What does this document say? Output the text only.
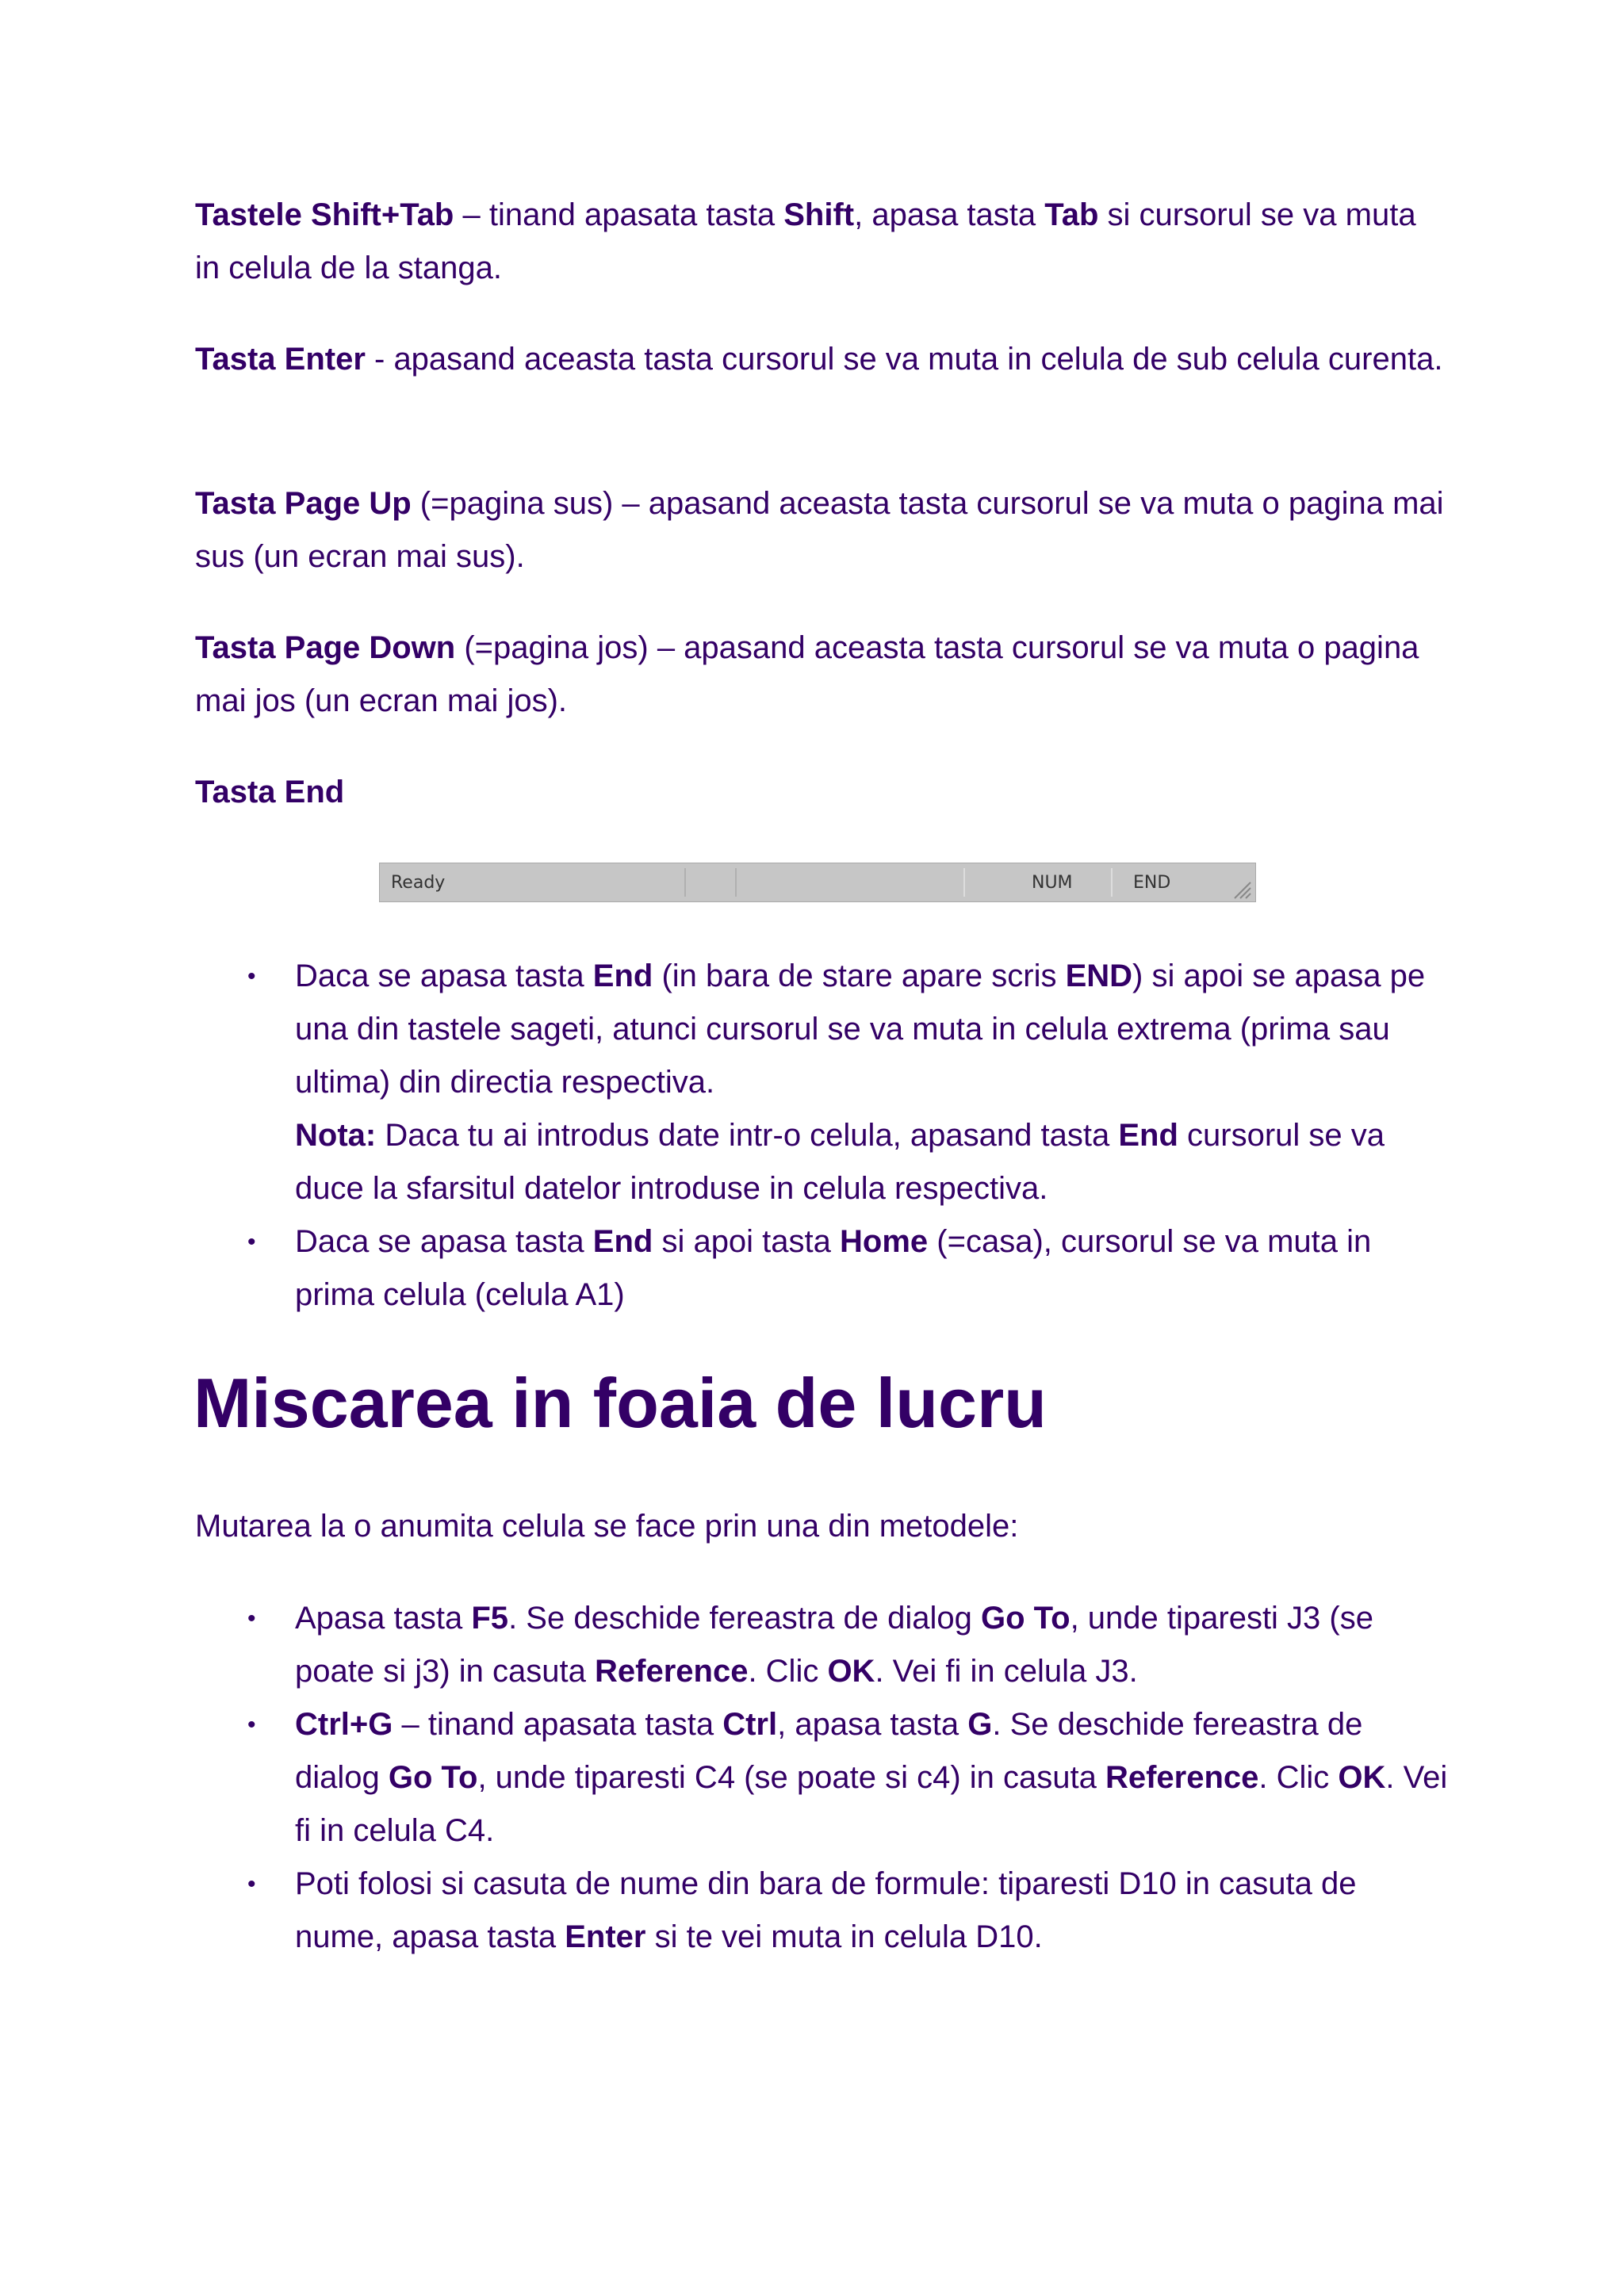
Tastele Shift+Tab – tinand apasata tasta Shift, apasa tasta Tab si cursorul se va muta in celula de la stanga.

Tasta Enter - apasand aceasta tasta cursorul se va muta in celula de sub celula curenta.

Tasta Page Up (=pagina sus) – apasand aceasta tasta cursorul se va muta o pagina mai sus (un ecran mai sus).

Tasta Page Down (=pagina jos) – apasand aceasta tasta cursorul se va muta o pagina mai jos (un ecran mai jos).

Tasta End

Ready	NUM	END
• Daca se apasa tasta End (in bara de stare apare scris END) si apoi se apasa pe una din tastele sageti, atunci cursorul se va muta in celula extrema (prima sau ultima) din directia respectiva.
Nota: Daca tu ai introdus date intr-o celula, apasand tasta End cursorul se va duce la sfarsitul datelor introduse in celula respectiva.
• Daca se apasa tasta End si apoi tasta Home (=casa), cursorul se va muta in prima celula (celula A1)
Miscarea in foaia de lucru

Mutarea la o anumita celula se face prin una din metodele:

• Apasa tasta F5. Se deschide fereastra de dialog Go To, unde tiparesti J3 (se poate si j3) in casuta Reference. Clic OK. Vei fi in celula J3.
• Ctrl+G – tinand apasata tasta Ctrl, apasa tasta G. Se deschide fereastra de dialog Go To, unde tiparesti C4 (se poate si c4) in casuta Reference. Clic OK. Vei fi in celula C4.
• Poti folosi si casuta de nume din bara de formule: tiparesti D10 in casuta de nume, apasa tasta Enter si te vei muta in celula D10.
